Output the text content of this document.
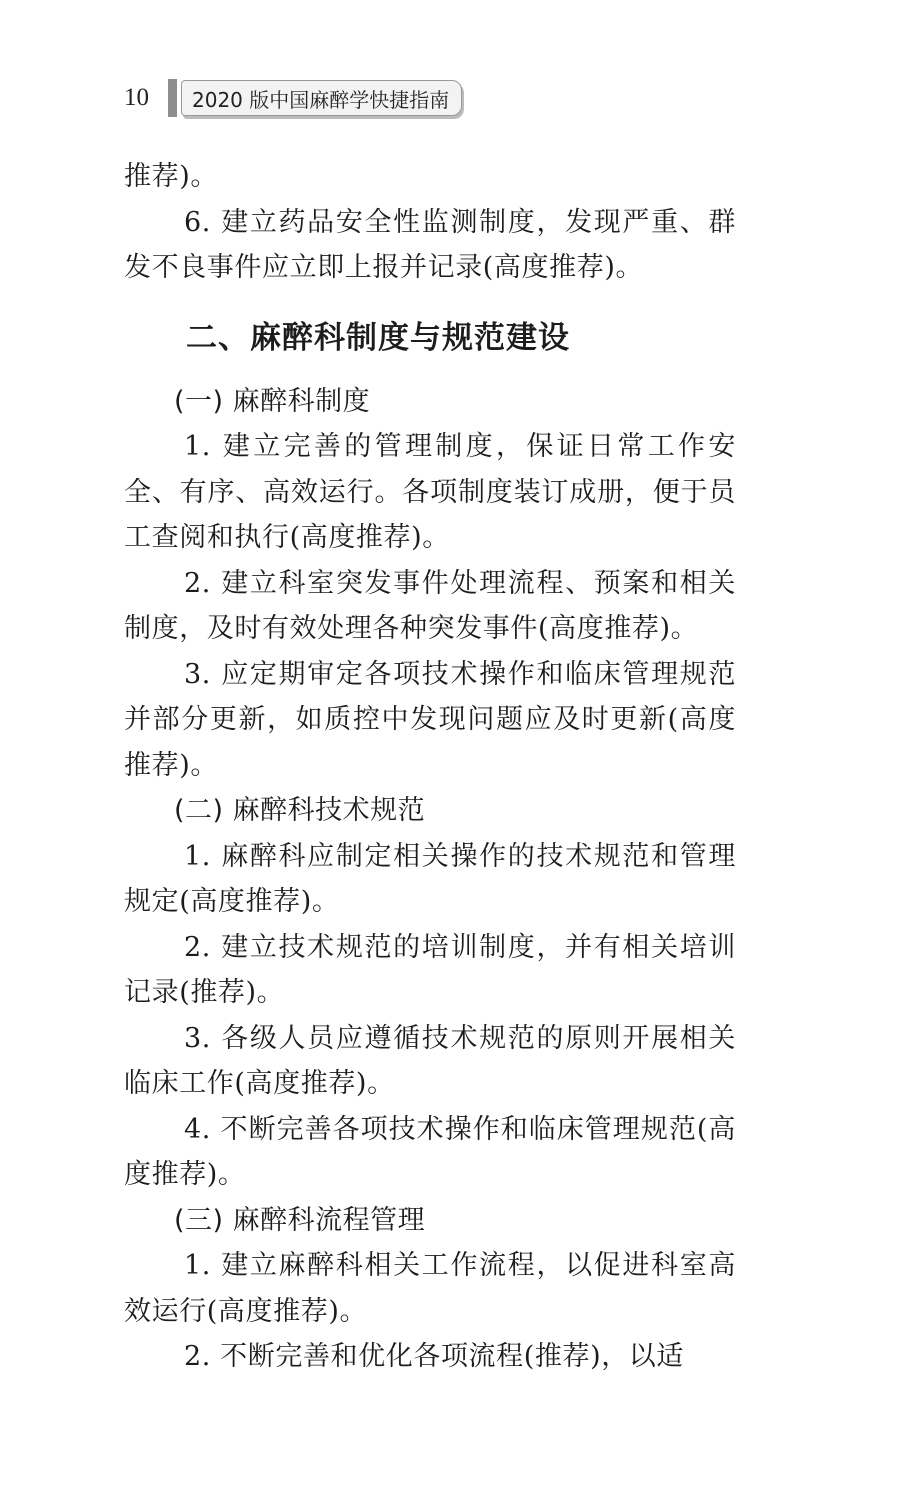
10	2020 版中国麻醉学快捷指南

推荐)。

6. 建立药品安全性监测制度，发现严重、群发不良事件应立即上报并记录(高度推荐)。

二、麻醉科制度与规范建设
(一) 麻醉科制度

1. 建立完善的管理制度，保证日常工作安全、有序、高效运行。各项制度装订成册，便于员工查阅和执行(高度推荐)。

2. 建立科室突发事件处理流程、预案和相关制度，及时有效处理各种突发事件(高度推荐)。

3. 应定期审定各项技术操作和临床管理规范并部分更新，如质控中发现问题应及时更新(高度推荐)。

(二) 麻醉科技术规范

1. 麻醉科应制定相关操作的技术规范和管理规定(高度推荐)。

2. 建立技术规范的培训制度，并有相关培训记录(推荐)。

3. 各级人员应遵循技术规范的原则开展相关临床工作(高度推荐)。

4. 不断完善各项技术操作和临床管理规范(高度推荐)。

(三) 麻醉科流程管理

1. 建立麻醉科相关工作流程，以促进科室高效运行(高度推荐)。

2. 不断完善和优化各项流程(推荐)，以适
